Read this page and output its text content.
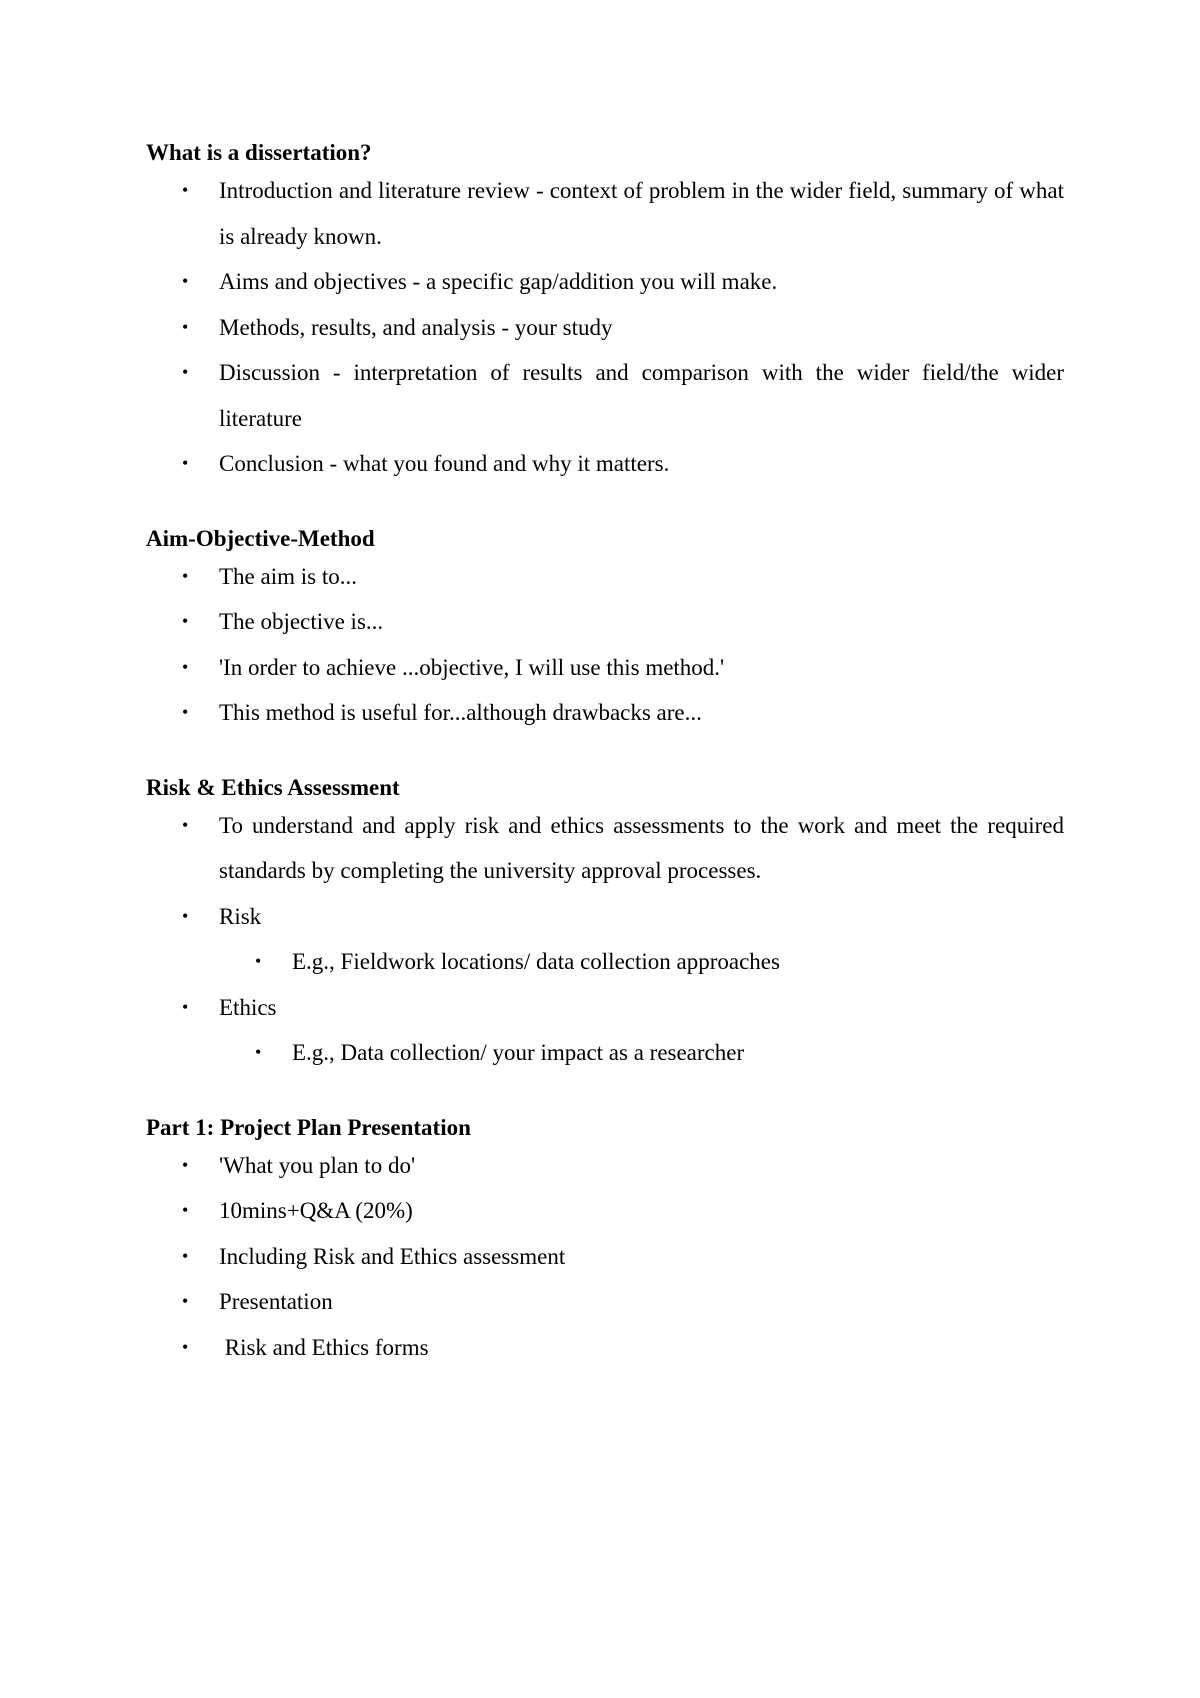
What is a dissertation?

• Introduction and literature review - context of problem in the wider field, summary of what is already known.
• Aims and objectives - a specific gap/addition you will make.
• Methods, results, and analysis - your study
• Discussion - interpretation of results and comparison with the wider field/the wider literature
• Conclusion - what you found and why it matters.

Aim-Objective-Method

• The aim is to...
• The objective is...
• 'In order to achieve ...objective, I will use this method.'
• This method is useful for...although drawbacks are...

Risk & Ethics Assessment

• To understand and apply risk and ethics assessments to the work and meet the required standards by completing the university approval processes.
• Risk
• E.g., Fieldwork locations/ data collection approaches
• Ethics
• E.g., Data collection/ your impact as a researcher

Part 1: Project Plan Presentation

• 'What you plan to do'
• 10mins+Q&A (20%)
• Including Risk and Ethics assessment
• Presentation
• Risk and Ethics forms
